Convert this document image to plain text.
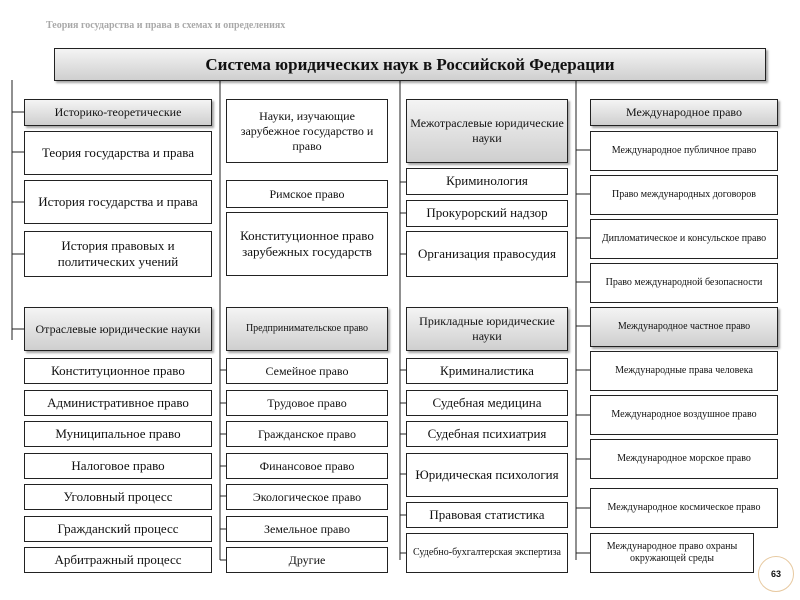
Теория государства и права в схемах и определениях
Система юридических наук в Российской Федерации
Историко-теоретические
Теория государства и права
История государства и права
История правовых и политических учений
Отраслевые юридические науки
Конституционное право
Административное право
Муниципальное право
Налоговое право
Уголовный процесс
Гражданский процесс
Арбитражный процесс
Науки, изучающие зарубежное государство и право
Римское право
Конституционное право зарубежных государств
Предпринимательское право
Семейное право
Трудовое право
Гражданское право
Финансовое право
Экологическое право
Земельное право
Другие
Межотраслевые юридические науки
Криминология
Прокурорский надзор
Организация правосудия
Прикладные юридические науки
Криминалистика
Судебная медицина
Судебная психиатрия
Юридическая психология
Правовая статистика
Судебно-бухгалтерская экспертиза
Международное право
Международное публичное право
Право международных договоров
Дипломатическое и консульское право
Право международной безопасности
Международное частное право
Международные права человека
Международное воздушное право
Международное морское право
Международное космическое право
Международное право охраны окружающей среды
63
